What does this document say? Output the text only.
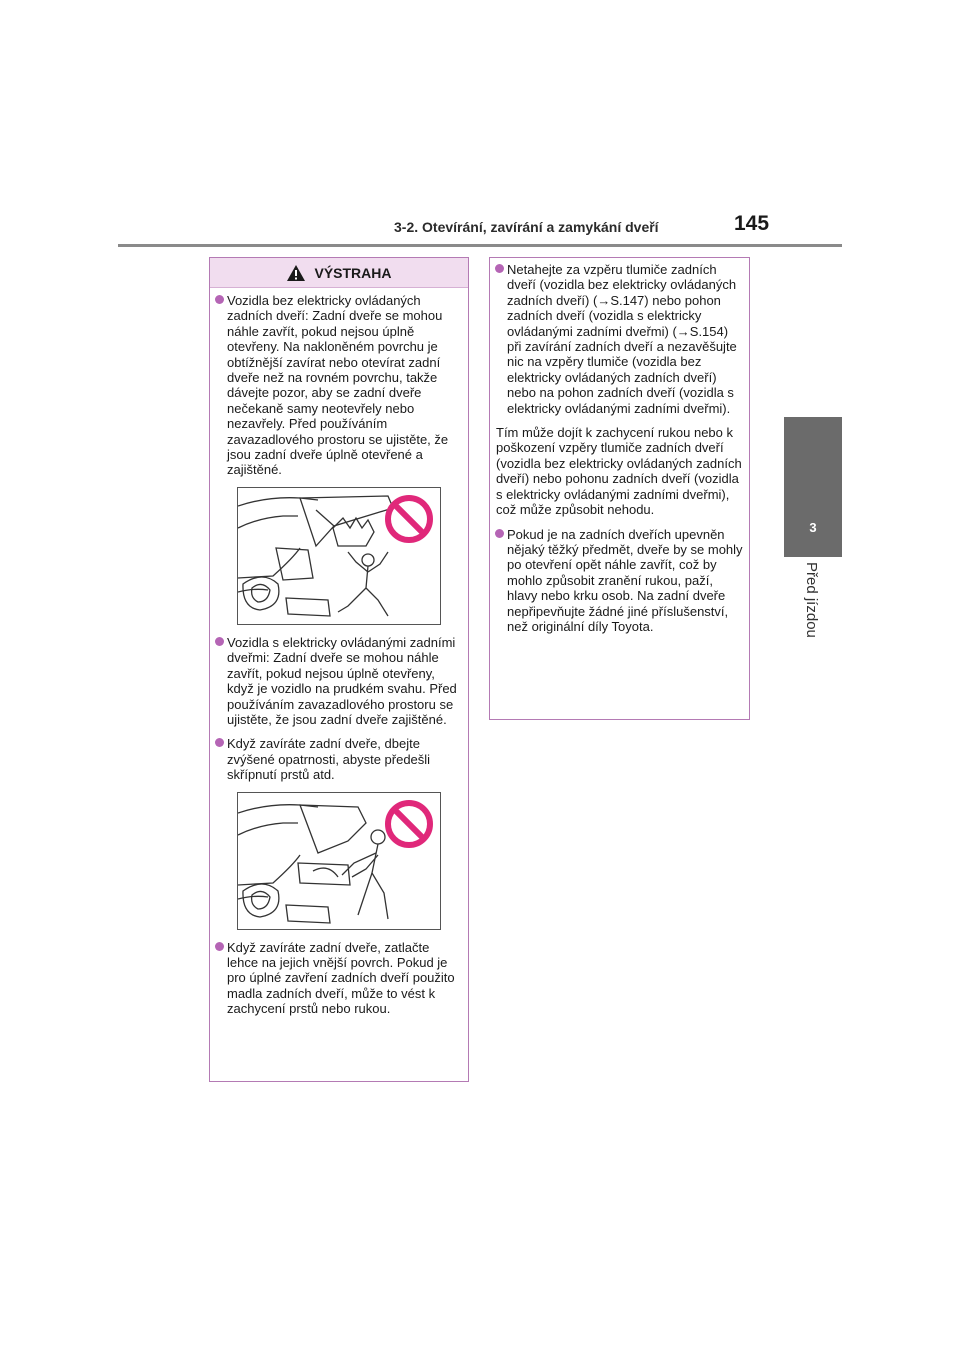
3-2. Otevírání, zavírání a zamykání dveří	145
3
Před jízdou
VÝSTRAHA
Vozidla bez elektricky ovládaných zadních dveří: Zadní dveře se mohou náhle zavřít, pokud nejsou úplně otevřeny. Na nakloněném povrchu je obtížnější zavírat nebo otevírat zadní dveře než na rovném povrchu, takže dávejte pozor, aby se zadní dveře nečekaně samy neotevřely nebo nezavřely. Před používáním zavazadlového prostoru se ujistěte, že jsou zadní dveře úplně otevřené a zajištěné.
Vozidla s elektricky ovládanými zadními dveřmi: Zadní dveře se mohou náhle zavřít, pokud nejsou úplně otevřeny, když je vozidlo na prudkém svahu. Před používáním zavazadlového prostoru se ujistěte, že jsou zadní dveře zajištěné.
Když zavíráte zadní dveře, dbejte zvýšené opatrnosti, abyste předešli skřípnutí prstů atd.
Když zavíráte zadní dveře, zatlačte lehce na jejich vnější povrch. Pokud je pro úplné zavření zadních dveří použito madla zadních dveří, může to vést k zachycení prstů nebo rukou.
Netahejte za vzpěru tlumiče zadních dveří (vozidla bez elektricky ovládaných zadních dveří) (→S.147) nebo pohon zadních dveří (vozidla s elektricky ovládanými zadními dveřmi) (→S.154) při zavírání zadních dveří a nezavěšujte nic na vzpěry tlumiče (vozidla bez elektricky ovládaných zadních dveří) nebo na pohon zadních dveří (vozidla s elektricky ovládanými zadními dveřmi).

Tím může dojít k zachycení rukou nebo k poškození vzpěry tlumiče zadních dveří (vozidla bez elektricky ovládaných zadních dveří) nebo pohonu zadních dveří (vozidla s elektricky ovládanými zadními dveřmi), což může způsobit nehodu.

Pokud je na zadních dveřích upevněn nějaký těžký předmět, dveře by se mohly po otevření opět náhle zavřít, což by mohlo způsobit zranění rukou, paží, hlavy nebo krku osob. Na zadní dveře nepřipevňujte žádné jiné příslušenství, než originální díly Toyota.
